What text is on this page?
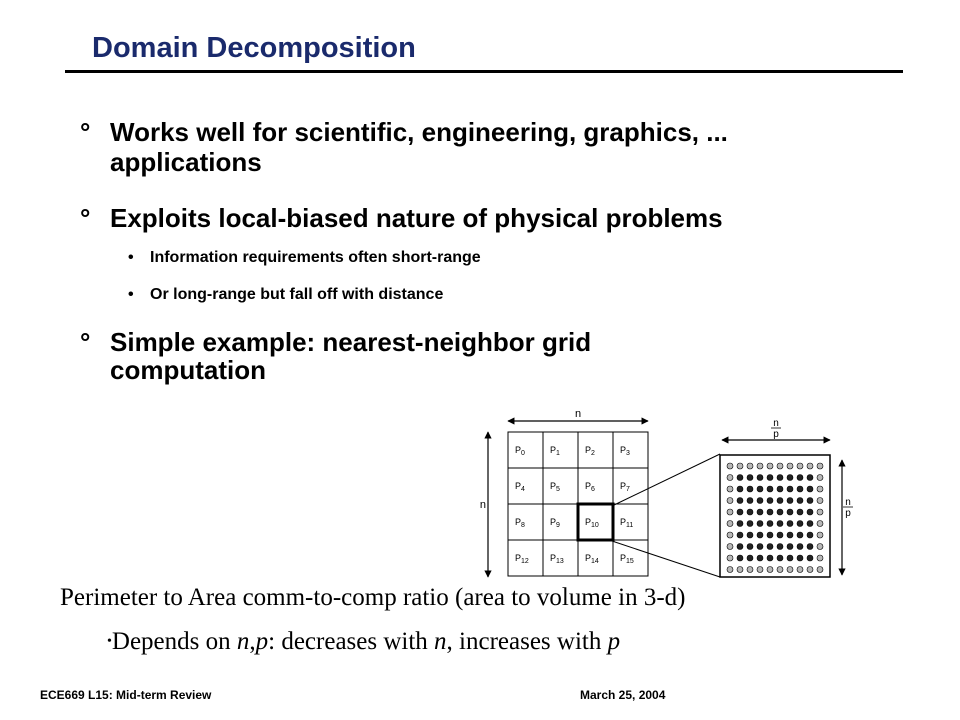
Domain Decomposition
° Works well for scientific, engineering, graphics, ...
applications
° Exploits local-biased nature of physical problems
• Information requirements often short-range
• Or long-range but fall off with distance
° Simple example: nearest-neighbor grid
computation
n
n
$P_0$	$P_1$	$P_2$	$P_3$
$P_4$	$P_5$	$P_6$	$P_7$
$P_8$	$P_9$	$P_{10}$ $P_{11}$
$P_{12}$ $P_{13}$ $P_{14}$ $P_{15}$
n
p
n
p
Perimeter to Area comm-to-comp ratio (area to volume in 3-d)
•Depends on n,p: decreases with n, increases with p
ECE669 L15: Mid-term Review	March 25, 2004
